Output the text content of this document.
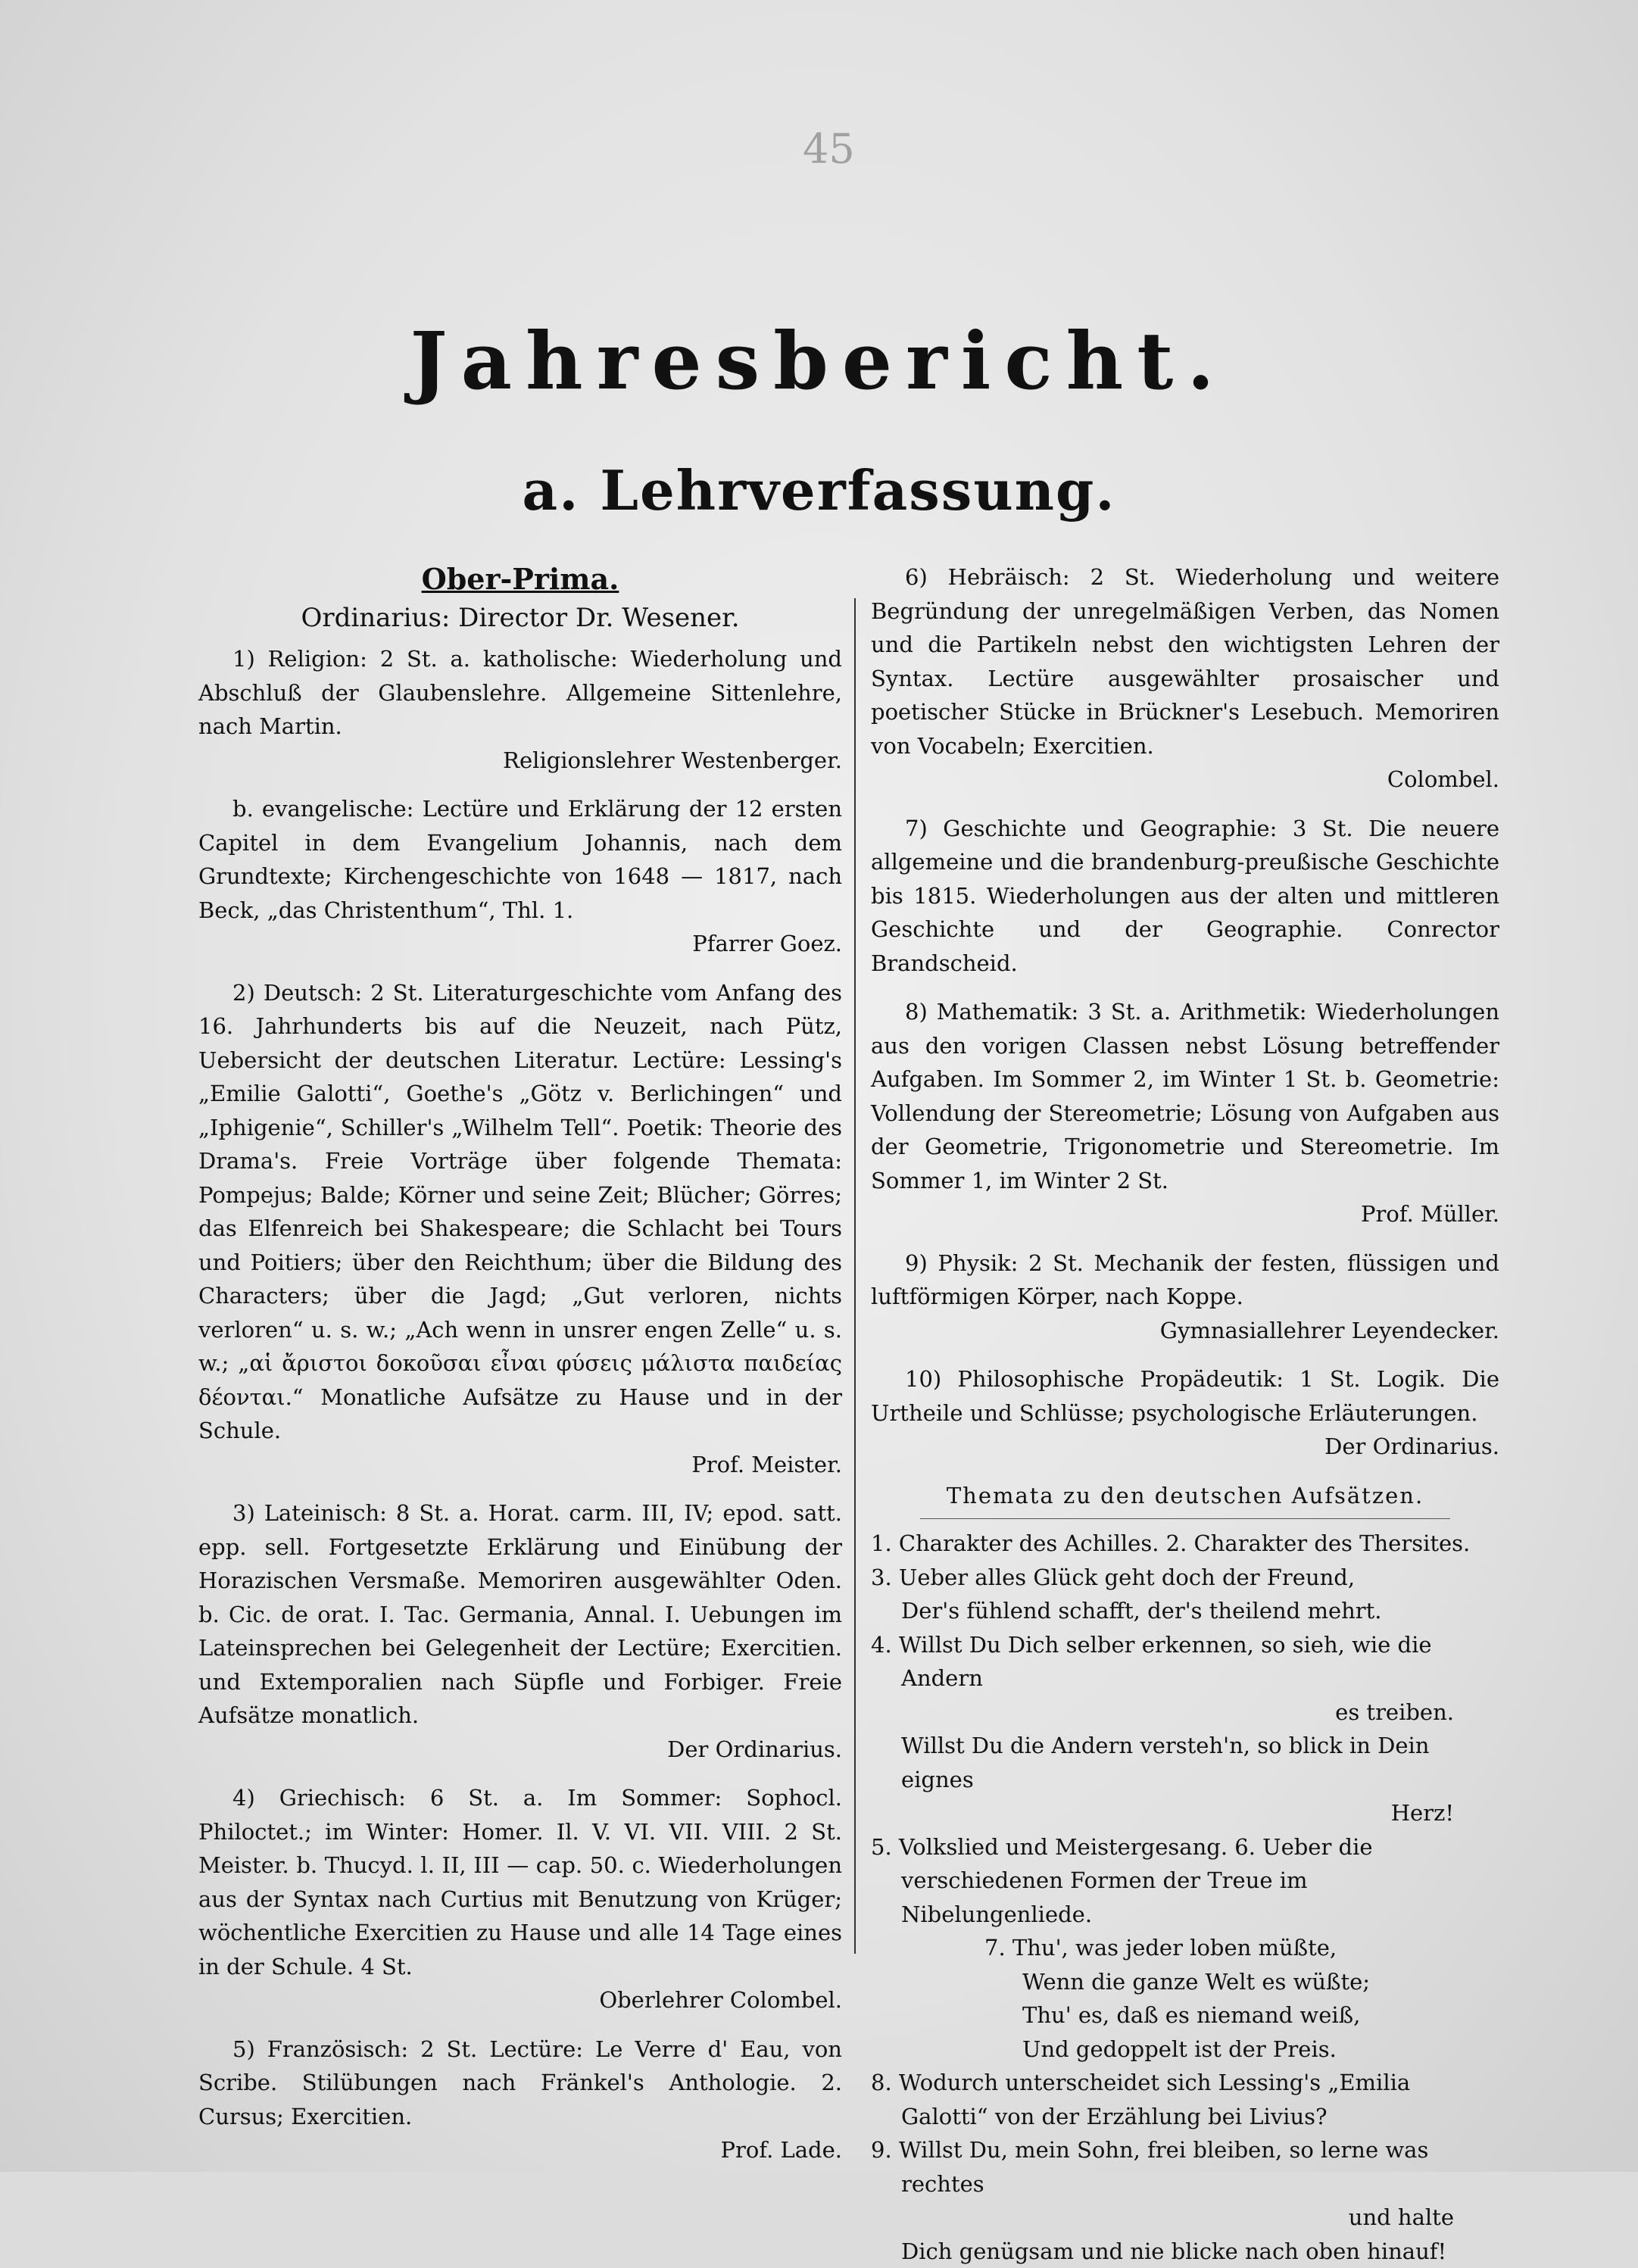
45
Jahresbericht.
a. Lehrverfassung.
Ober-Prima.
Ordinarius: Director Dr. Wesener.

1) Religion: 2 St. a. katholische: Wiederholung und Abschluß der Glaubenslehre. Allgemeine Sittenlehre, nach Martin.
Religionslehrer Westenberger.

b. evangelische: Lectüre und Erklärung der 12 ersten Capitel in dem Evangelium Johannis, nach dem Grundtexte; Kirchengeschichte von 1648 — 1817, nach Beck, „das Christenthum“, Thl. 1.
Pfarrer Goez.

2) Deutsch: 2 St. Literaturgeschichte vom Anfang des 16. Jahrhunderts bis auf die Neuzeit, nach Pütz, Uebersicht der deutschen Literatur. Lectüre: Lessing's „Emilie Galotti“, Goethe's „Götz v. Berlichingen“ und „Iphigenie“, Schiller's „Wilhelm Tell“. Poetik: Theorie des Drama's. Freie Vorträge über folgende Themata: Pompejus; Balde; Körner und seine Zeit; Blücher; Görres; das Elfenreich bei Shakespeare; die Schlacht bei Tours und Poitiers; über den Reichthum; über die Bildung des Characters; über die Jagd; „Gut verloren, nichts verloren“ u. s. w.; „Ach wenn in unsrer engen Zelle“ u. s. w.; „αἱ ἄριστοι δοκοῦσαι εἶναι φύσεις μάλιστα παιδείας δέονται.“ Monatliche Aufsätze zu Hause und in der Schule.
Prof. Meister.

3) Lateinisch: 8 St. a. Horat. carm. III, IV; epod. satt. epp. sell. Fortgesetzte Erklärung und Einübung der Horazischen Versmaße. Memoriren ausgewählter Oden. b. Cic. de orat. I. Tac. Germania, Annal. I. Uebungen im Lateinsprechen bei Gelegenheit der Lectüre; Exercitien. und Extemporalien nach Süpfle und Forbiger. Freie Aufsätze monatlich.
Der Ordinarius.

4) Griechisch: 6 St. a. Im Sommer: Sophocl. Philoctet.; im Winter: Homer. Il. V. VI. VII. VIII. 2 St. Meister. b. Thucyd. l. II, III — cap. 50. c. Wiederholungen aus der Syntax nach Curtius mit Benutzung von Krüger; wöchentliche Exercitien zu Hause und alle 14 Tage eines in der Schule. 4 St.
Oberlehrer Colombel.

5) Französisch: 2 St. Lectüre: Le Verre d' Eau, von Scribe. Stilübungen nach Fränkel's Anthologie. 2. Cursus; Exercitien.
Prof. Lade.

6) Hebräisch: 2 St. Wiederholung und weitere Begründung der unregelmäßigen Verben, das Nomen und die Partikeln nebst den wichtigsten Lehren der Syntax. Lectüre ausgewählter prosaischer und poetischer Stücke in Brückner's Lesebuch. Memoriren von Vocabeln; Exercitien.
Colombel.

7) Geschichte und Geographie: 3 St. Die neuere allgemeine und die brandenburg-preußische Geschichte bis 1815. Wiederholungen aus der alten und mittleren Geschichte und der Geographie. Conrector Brandscheid.

8) Mathematik: 3 St. a. Arithmetik: Wiederholungen aus den vorigen Classen nebst Lösung betreffender Aufgaben. Im Sommer 2, im Winter 1 St. b. Geometrie: Vollendung der Stereometrie; Lösung von Aufgaben aus der Geometrie, Trigonometrie und Stereometrie. Im Sommer 1, im Winter 2 St.
Prof. Müller.

9) Physik: 2 St. Mechanik der festen, flüssigen und luftförmigen Körper, nach Koppe.
Gymnasiallehrer Leyendecker.

10) Philosophische Propädeutik: 1 St. Logik. Die Urtheile und Schlüsse; psychologische Erläuterungen.
Der Ordinarius.

Themata zu den deutschen Aufsätzen.

1. Charakter des Achilles. 2. Charakter des Thersites.

3. Ueber alles Glück geht doch der Freund,

Der's fühlend schafft, der's theilend mehrt.

4. Willst Du Dich selber erkennen, so sieh, wie die Andern

es treiben.

Willst Du die Andern versteh'n, so blick in Dein eignes

Herz!

5. Volkslied und Meistergesang. 6. Ueber die verschiedenen Formen der Treue im Nibelungenliede.

7. Thu', was jeder loben müßte,

Wenn die ganze Welt es wüßte;

Thu' es, daß es niemand weiß,

Und gedoppelt ist der Preis.

8. Wodurch unterscheidet sich Lessing's „Emilia Galotti“ von der Erzählung bei Livius?

9. Willst Du, mein Sohn, frei bleiben, so lerne was rechtes

und halte

Dich genügsam und nie blicke nach oben hinauf!
